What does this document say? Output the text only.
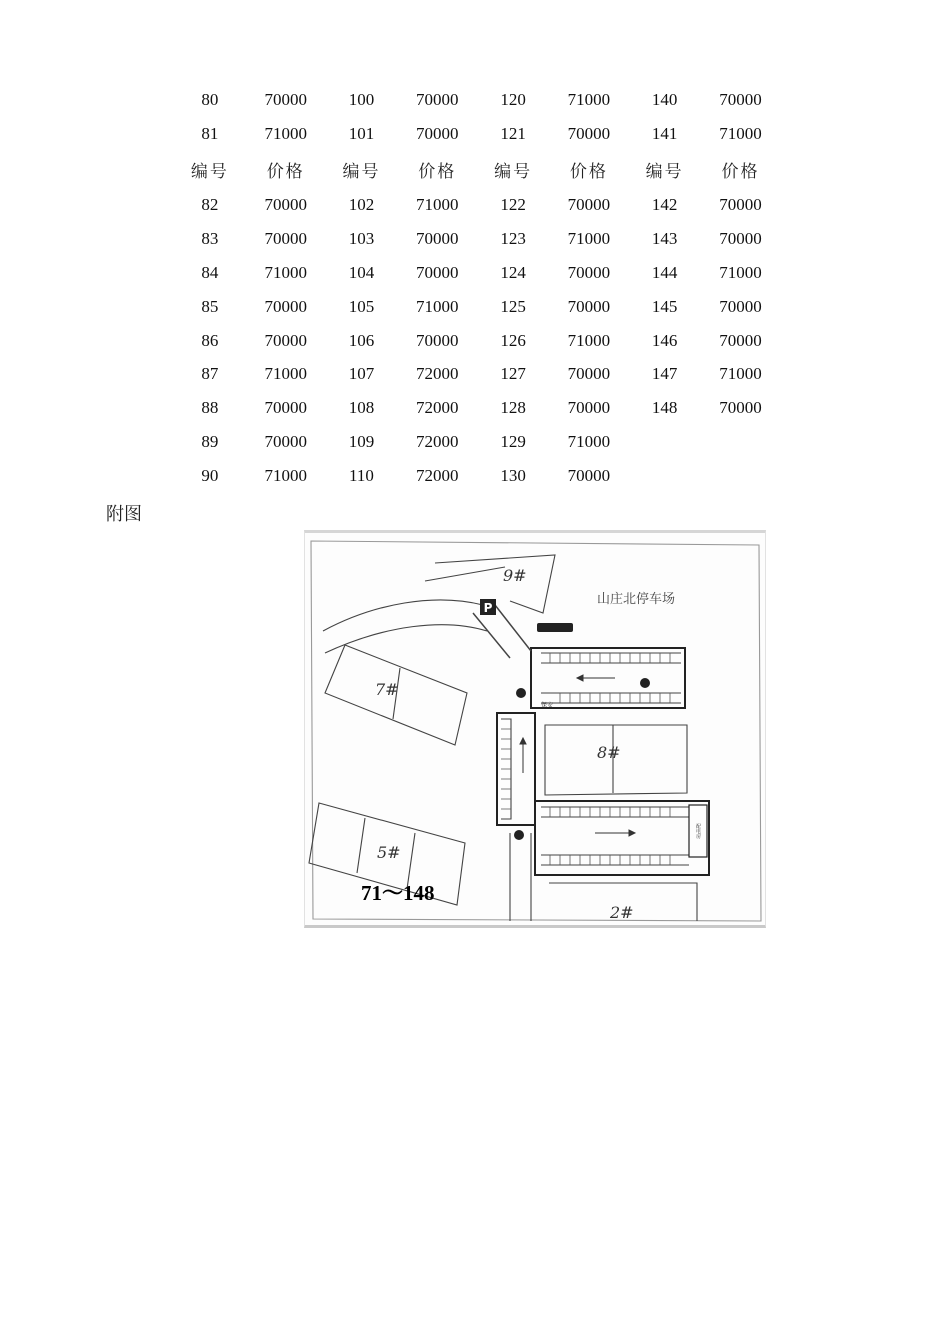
80	70000	100	70000	120	71000	140	70000
81	71000	101	70000	121	70000	141	71000
编号	价格	编号	价格	编号	价格	编号	价格
82	70000	102	71000	122	70000	142	70000
83	70000	103	70000	123	71000	143	70000
84	71000	104	70000	124	70000	144	71000
85	70000	105	71000	125	70000	145	70000
86	70000	106	70000	126	71000	146	70000
87	71000	107	72000	127	70000	147	71000
88	70000	108	72000	128	70000	148	70000
89	70000	109	72000	129	71000		
90	71000	110	72000	130	70000		
附图
P
9#
7#
8#
5#
2#
山庄北停车场
保安
配电房
71～148
